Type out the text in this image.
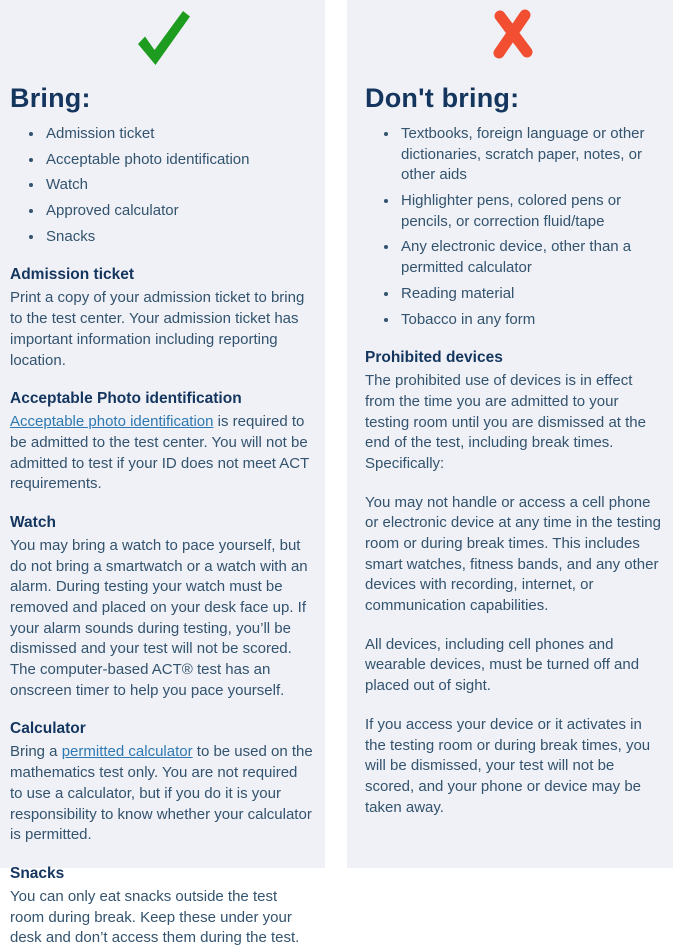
Bring:
• Admission ticket
• Acceptable photo identification
• Watch
• Approved calculator
• Snacks
Admission ticket

Print a copy of your admission ticket to bring to the test center. Your admission ticket has important information including reporting location.

Acceptable Photo identification

Acceptable photo identification is required to be admitted to the test center. You will not be admitted to test if your ID does not meet ACT requirements.

Watch

You may bring a watch to pace yourself, but do not bring a smartwatch or a watch with an alarm. During testing your watch must be removed and placed on your desk face up. If your alarm sounds during testing, you’ll be dismissed and your test will not be scored. The computer-based ACT® test has an onscreen timer to help you pace yourself.

Calculator

Bring a permitted calculator to be used on the mathematics test only. You are not required to use a calculator, but if you do it is your responsibility to know whether your calculator is permitted.

Snacks

You can only eat snacks outside the test room during break. Keep these under your desk and don’t access them during the test.

Don't bring:
• Textbooks, foreign language or other dictionaries, scratch paper, notes, or other aids
• Highlighter pens, colored pens or pencils, or correction fluid/tape
• Any electronic device, other than a permitted calculator
• Reading material
• Tobacco in any form
Prohibited devices

The prohibited use of devices is in effect from the time you are admitted to your testing room until you are dismissed at the end of the test, including break times. Specifically:

You may not handle or access a cell phone or electronic device at any time in the testing room or during break times. This includes smart watches, fitness bands, and any other devices with recording, internet, or communication capabilities.

All devices, including cell phones and wearable devices, must be turned off and placed out of sight.

If you access your device or it activates in the testing room or during break times, you will be dismissed, your test will not be scored, and your phone or device may be taken away.
